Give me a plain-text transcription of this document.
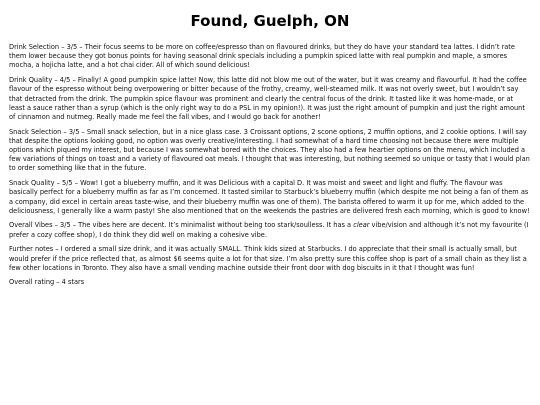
Found, Guelph, ON

Drink Selection – 3/5 – Their focus seems to be more on coffee/espresso than on flavoured drinks, but they do have your standard tea lattes. I didn’t rate them lower because they got bonus points for having seasonal drink specials including a pumpkin spiced latte with real pumpkin and maple, a smores mocha, a hojicha latte, and a hot chai cider. All of which sound delicious!

Drink Quality – 4/5 – Finally! A good pumpkin spice latte! Now, this latte did not blow me out of the water, but it was creamy and flavourful. It had the coffee flavour of the espresso without being overpowering or bitter because of the frothy, creamy, well-steamed milk. It was not overly sweet, but I wouldn’t say that detracted from the drink. The pumpkin spice flavour was prominent and clearly the central focus of the drink. It tasted like it was home-made, or at least a sauce rather than a syrup (which is the only right way to do a PSL in my opinion!). It was just the right amount of pumpkin and just the right amount of cinnamon and nutmeg. Really made me feel the fall vibes, and I would go back for another!

Snack Selection – 3/5 – Small snack selection, but in a nice glass case. 3 Croissant options, 2 scone options, 2 muffin options, and 2 cookie options. I will say that despite the options looking good, no option was overly creative/interesting. I had somewhat of a hard time choosing not because there were multiple options which piqued my interest, but because I was somewhat bored with the choices. They also had a few heartier options on the menu, which included a few variations of things on toast and a variety of flavoured oat meals. I thought that was interesting, but nothing seemed so unique or tasty that I would plan to order something like that in the future.

Snack Quality – 5/5 – Wow! I got a blueberry muffin, and it was Delicious with a capital D. It was moist and sweet and light and fluffy. The flavour was basically perfect for a blueberry muffin as far as I’m concerned. It tasted similar to Starbuck’s blueberry muffin (which despite me not being a fan of them as a company, did excel in certain areas taste-wise, and their blueberry muffin was one of them). The barista offered to warm it up for me, which added to the deliciousness, I generally like a warm pasty! She also mentioned that on the weekends the pastries are delivered fresh each morning, which is good to know!

Overall Vibes – 3/5 – The vibes here are decent. It’s minimalist without being too stark/soulless. It has a clear vibe/vision and although it’s not my favourite (I prefer a cozy coffee shop), I do think they did well on making a cohesive vibe.

Further notes – I ordered a small size drink, and it was actually SMALL. Think kids sized at Starbucks. I do appreciate that their small is actually small, but would prefer if the price reflected that, as almost $6 seems quite a lot for that size. I’m also pretty sure this coffee shop is part of a small chain as they list a few other locations in Toronto. They also have a small vending machine outside their front door with dog biscuits in it that I thought was fun!

Overall rating – 4 stars
